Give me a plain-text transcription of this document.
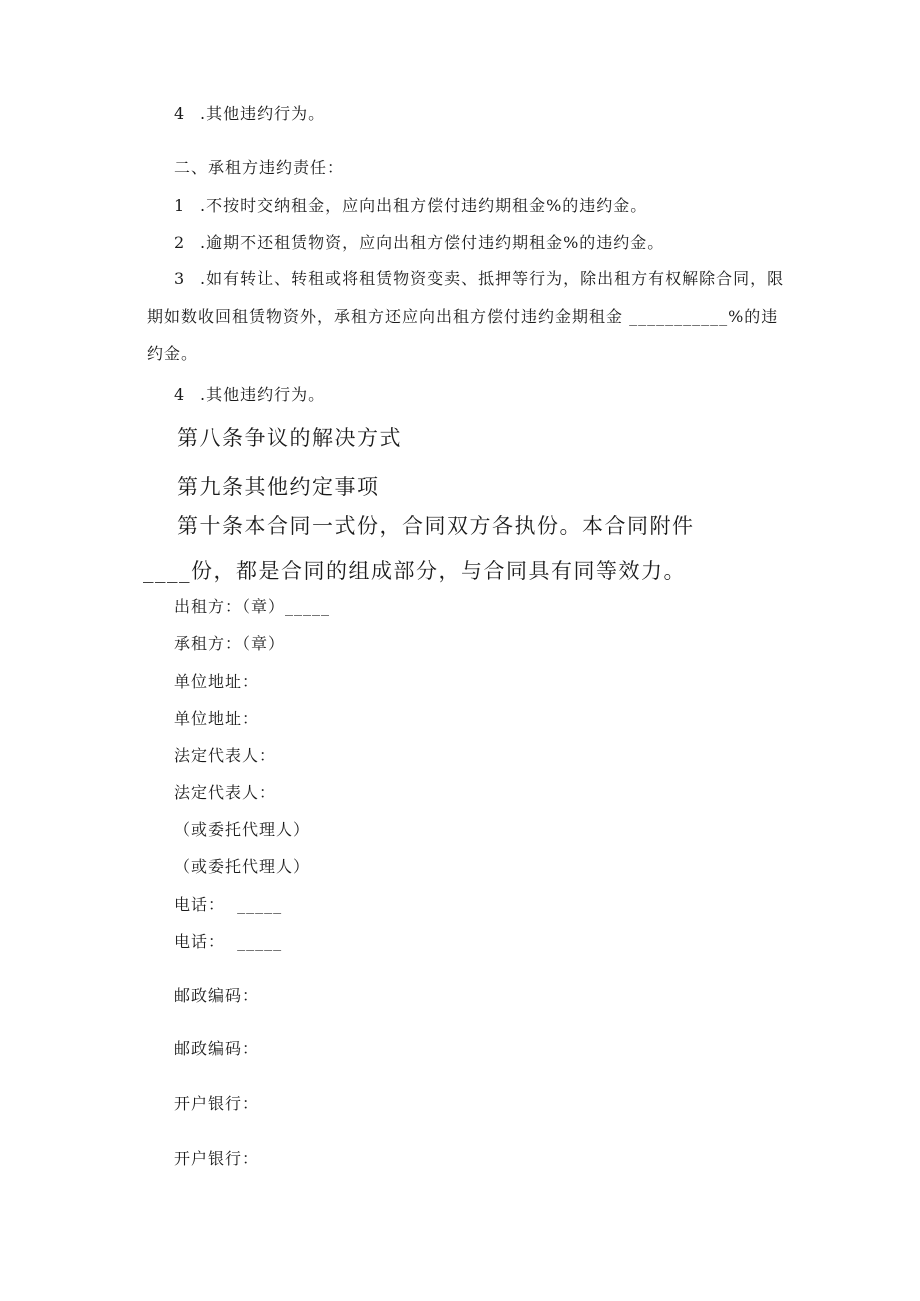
4 .其他违约行为。
二、承租方违约责任：
1 .不按时交纳租金，应向出租方偿付违约期租金%的违约金。
2 .逾期不还租赁物资，应向出租方偿付违约期租金%的违约金。
3 .如有转让、转租或将租赁物资变卖、抵押等行为，除出租方有权解除合同，限
期如数收回租赁物资外，承租方还应向出租方偿付违约金期租金 ___________%的违
约金。
4 .其他违约行为。
第八条争议的解决方式
第九条其他约定事项
第十条本合同一式份，合同双方各执份。本合同附件
____份，都是合同的组成部分，与合同具有同等效力。
出租方：（章）_____
承租方：（章）
单位地址：
单位地址：
法定代表人：
法定代表人：
（或委托代理人）
（或委托代理人）
电话：  _____
电话：  _____
邮政编码：
邮政编码：
开户银行：
开户银行：
